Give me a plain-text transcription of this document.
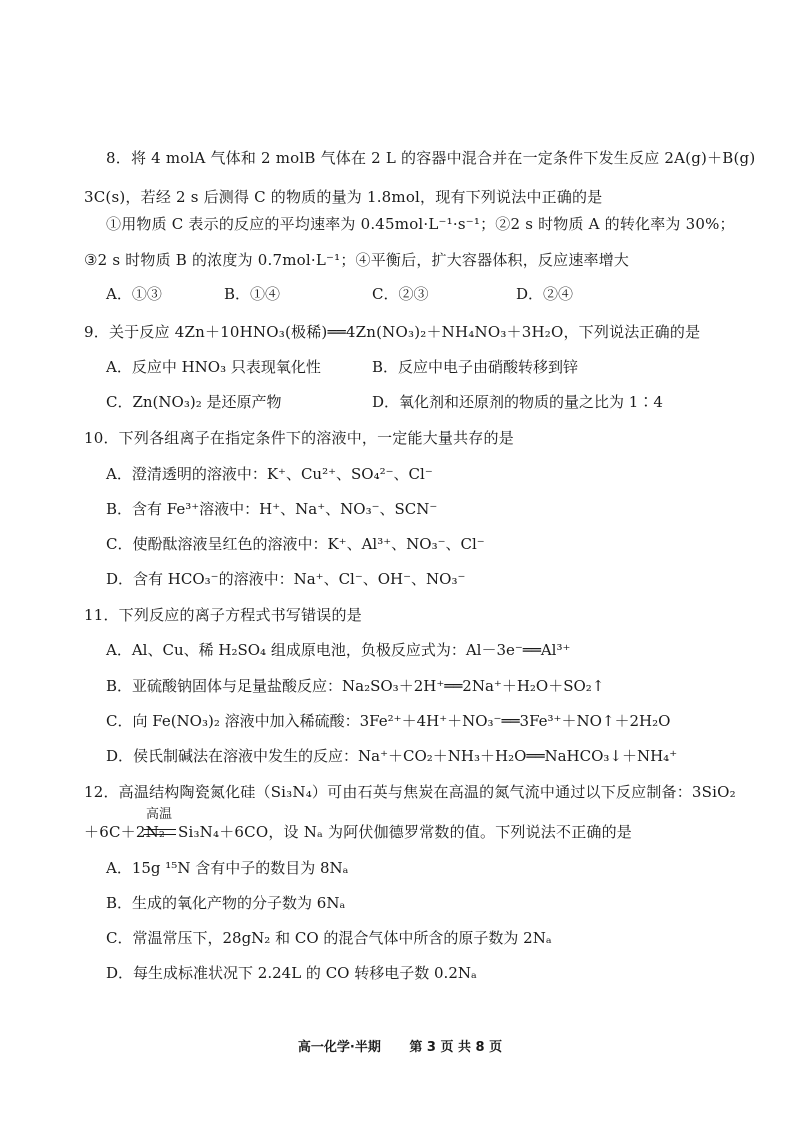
8．将 4 molA 气体和 2 molB 气体在 2 L 的容器中混合并在一定条件下发生反应 2A(g)＋B(g)
3C(s)，若经 2 s 后测得 C 的物质的量为 1.8mol，现有下列说法中正确的是
①用物质 C 表示的反应的平均速率为 0.45mol·L⁻¹·s⁻¹；②2 s 时物质 A 的转化率为 30%；
③2 s 时物质 B 的浓度为 0.7mol·L⁻¹；④平衡后，扩大容器体积，反应速率增大
A．①③	B．①④	C．②③	D．②④
9．关于反应 4Zn＋10HNO₃(极稀)══4Zn(NO₃)₂＋NH₄NO₃＋3H₂O，下列说法正确的是
A．反应中 HNO₃ 只表现氧化性	B．反应中电子由硝酸转移到锌
C．Zn(NO₃)₂ 是还原产物	D．氧化剂和还原剂的物质的量之比为 1∶4
10．下列各组离子在指定条件下的溶液中，一定能大量共存的是
A．澄清透明的溶液中：K⁺、Cu²⁺、SO₄²⁻、Cl⁻
B．含有 Fe³⁺溶液中：H⁺、Na⁺、NO₃⁻、SCN⁻
C．使酚酞溶液呈红色的溶液中：K⁺、Al³⁺、NO₃⁻、Cl⁻
D．含有 HCO₃⁻的溶液中：Na⁺、Cl⁻、OH⁻、NO₃⁻
11．下列反应的离子方程式书写错误的是
A．Al、Cu、稀 H₂SO₄ 组成原电池，负极反应式为：Al－3e⁻══Al³⁺
B．亚硫酸钠固体与足量盐酸反应：Na₂SO₃＋2H⁺══2Na⁺＋H₂O＋SO₂↑
C．向 Fe(NO₃)₂ 溶液中加入稀硫酸：3Fe²⁺＋4H⁺＋NO₃⁻══3Fe³⁺＋NO↑＋2H₂O
D．侯氏制碱法在溶液中发生的反应：Na⁺＋CO₂＋NH₃＋H₂O══NaHCO₃↓＋NH₄⁺
12．高温结构陶瓷氮化硅（Si₃N₄）可由石英与焦炭在高温的氮气流中通过以下反应制备：3SiO₂
＋6C＋2N₂
高温
Si₃N₄＋6CO，设 Nₐ 为阿伏伽德罗常数的值。下列说法不正确的是
A．15g ¹⁵N 含有中子的数目为 8Nₐ
B．生成的氧化产物的分子数为 6Nₐ
C．常温常压下，28gN₂ 和 CO 的混合气体中所含的原子数为 2Nₐ
D．每生成标准状况下 2.24L 的 CO 转移电子数 0.2Nₐ
高一化学·半期 第 3 页 共 8 页
